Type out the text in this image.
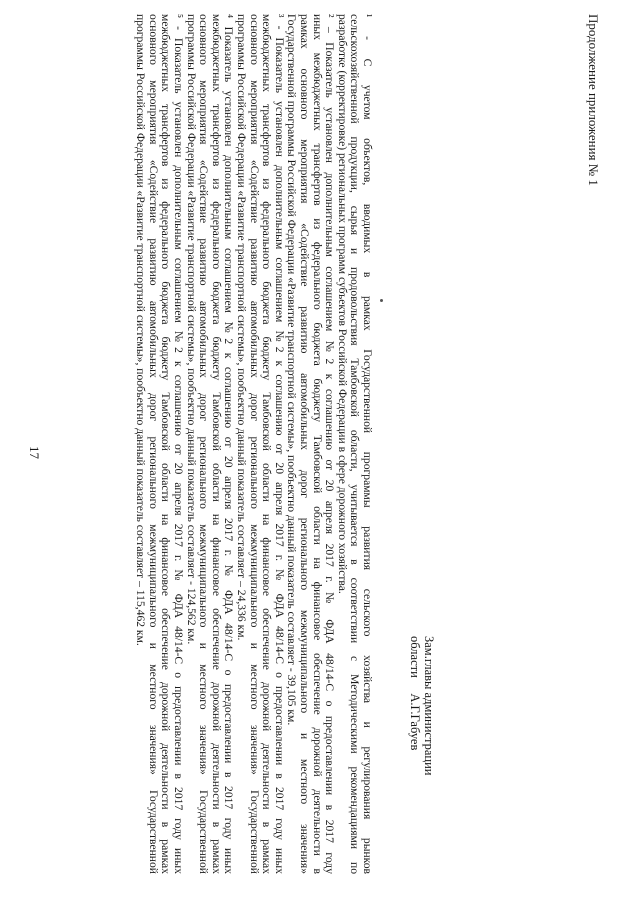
17
Продолжение приложения № 1
¹ - С учетом объектов, вводимых в рамках Государственной программы развития сельского хозяйства и регулирования рынков
сельскохозяйственной продукции, сырья и продовольствия Тамбовской области, учитывается в соответствии с Методическими рекомендациями по
разработке (корректировке) региональных программ субъектов Российской Федерации в сфере дорожного хозяйства.
² – Показатель установлен дополнительным соглашением №2 к соглашению от 20 апреля 2017 г. № ФДА 48/14-С о предоставлении в 2017 году
иных межбюджетных трансфертов из федерального бюджета бюджету Тамбовской области на финансовое обеспечение дорожной деятельности в
рамках основного мероприятия «Содействие развитию автомобильных дорог регионального межмуниципального и местного значения»
Государственной программы Российской Федерации «Развитие транспортной системы», пообъектно данный показатель составляет - 39,105 км.
³ - Показатель установлен дополнительным соглашением №2 к соглашению от 20 апреля 2017 г. № ФДА 48/14-С о предоставлении в 2017 году иных
межбюджетных трансфертов из федерального бюджета бюджету Тамбовской области на финансовое обеспечение дорожной деятельности в рамках
основного мероприятия «Содействие развитию автомобильных дорог регионального межмуниципального и местного значения» Государственной
программы Российской Федерации «Развитие транспортной системы», пообъектно данный показатель составляет – 24,336 км.
⁴ Показатель установлен дополнительным соглашением №2 к соглашению от 20 апреля 2017 г. № ФДА 48/14-С о предоставлении в 2017 году иных
межбюджетных трансфертов из федерального бюджета бюджету Тамбовской области на финансовое обеспечение дорожной деятельности в рамках
основного мероприятия «Содействие развитию автомобильных дорог регионального межмуниципального и местного значения» Государственной
программы Российской Федерации «Развитие транспортной системы», пообъектно данный показатель составляет - 124,562 км.
⁵ - Показатель установлен дополнительным соглашением №2 к соглашению от 20 апреля 2017 г. № ФДА 48/14-С о предоставлении в 2017 году иных
межбюджетных трансфертов из федерального бюджета бюджету Тамбовской области на финансовое обеспечение дорожной деятельности в рамках
основного мероприятия «Содействие развитию автомобильных дорог регионального межмуниципального и местного значения» Государственной
программы Российской Федерации «Развитие транспортной системы», пообъектно данный показатель составляет – 115,462 км.
Зам.главы администрации
области     А.Г.Габуев
